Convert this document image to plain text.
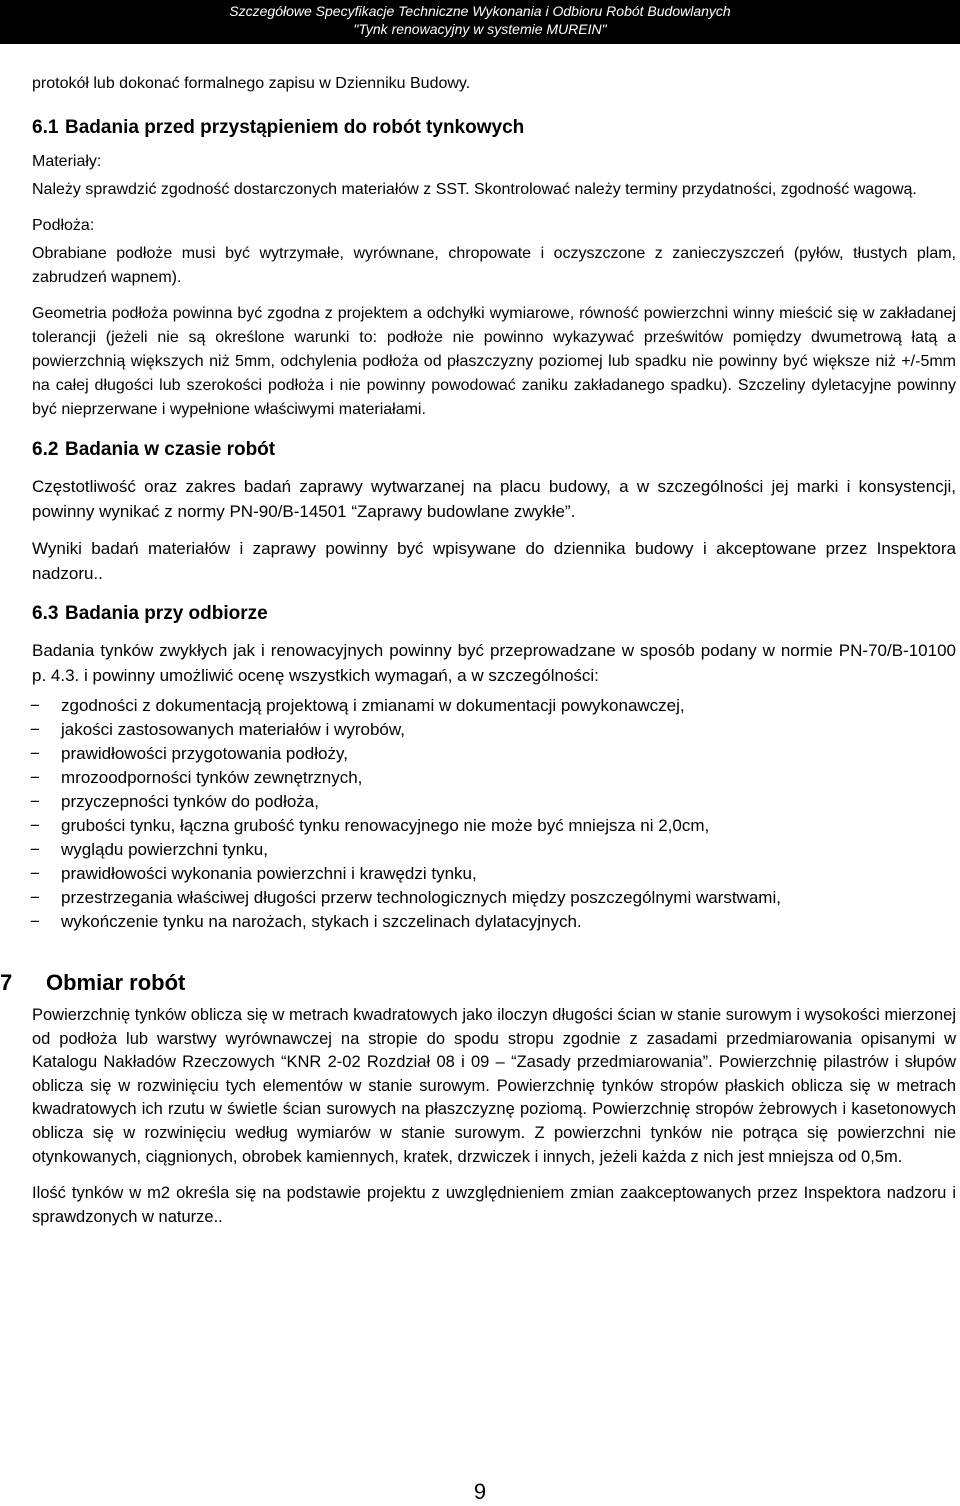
Szczegółowe Specyfikacje Techniczne Wykonania i Odbioru Robót Budowlanych
"Tynk renowacyjny w systemie MUREIN"

protokół lub dokonać formalnego zapisu w Dzienniku Budowy.

6.1 Badania przed przystąpieniem do robót tynkowych

Materiały:

Należy sprawdzić zgodność dostarczonych materiałów z SST. Skontrolować należy terminy przydatności, zgodność wagową.

Podłoża:

Obrabiane podłoże musi być wytrzymałe, wyrównane, chropowate i oczyszczone z zanieczyszczeń (pyłów, tłustych plam, zabrudzeń wapnem).

Geometria podłoża powinna być zgodna z projektem a odchyłki wymiarowe, równość powierzchni winny mieścić się w zakładanej tolerancji (jeżeli nie są określone warunki to: podłoże nie powinno wykazywać prześwitów pomiędzy dwumetrową łatą a powierzchnią większych niż 5mm, odchylenia podłoża od płaszczyzny poziomej lub spadku nie powinny być większe niż +/-5mm na całej długości lub szerokości podłoża i nie powinny powodować zaniku zakładanego spadku). Szczeliny dyletacyjne powinny być nieprzerwane i wypełnione właściwymi materiałami.

6.2 Badania w czasie robót

Częstotliwość oraz zakres badań zaprawy wytwarzanej na placu budowy, a w szczególności jej marki i konsystencji, powinny wynikać z normy PN-90/B-14501 “Zaprawy budowlane zwykłe”.

Wyniki badań materiałów i zaprawy powinny być wpisywane do dziennika budowy i akceptowane przez Inspektora nadzoru..

6.3 Badania przy odbiorze

Badania tynków zwykłych jak i renowacyjnych powinny być przeprowadzane w sposób podany w normie PN-70/B-10100 p. 4.3. i powinny umożliwić ocenę wszystkich wymagań, a w szczególności:

− zgodności z dokumentacją projektową i zmianami w dokumentacji powykonawczej,
− jakości zastosowanych materiałów i wyrobów,
− prawidłowości przygotowania podłoży,
− mrozoodporności tynków zewnętrznych,
− przyczepności tynków do podłoża,
− grubości tynku, łączna grubość tynku renowacyjnego nie może być mniejsza ni 2,0cm,
− wyglądu powierzchni tynku,
− prawidłowości wykonania powierzchni i krawędzi tynku,
− przestrzegania właściwej długości przerw technologicznych między poszczególnymi warstwami,
− wykończenie tynku na narożach, stykach i szczelinach dylatacyjnych.
7 Obmiar robót

Powierzchnię tynków oblicza się w metrach kwadratowych jako iloczyn długości ścian w stanie surowym i wysokości mierzonej od podłoża lub warstwy wyrównawczej na stropie do spodu stropu zgodnie z zasadami przedmiarowania opisanymi w Katalogu Nakładów Rzeczowych “KNR 2-02 Rozdział 08 i 09 – “Zasady przedmiarowania”. Powierzchnię pilastrów i słupów oblicza się w rozwinięciu tych elementów w stanie surowym. Powierzchnię tynków stropów płaskich oblicza się w metrach kwadratowych ich rzutu w świetle ścian surowych na płaszczyznę poziomą. Powierzchnię stropów żebrowych i kasetonowych oblicza się w rozwinięciu według wymiarów w stanie surowym. Z powierzchni tynków nie potrąca się powierzchni nie otynkowanych, ciągnionych, obrobek kamiennych, kratek, drzwiczek i innych, jeżeli każda z nich jest mniejsza od 0,5m.

Ilość tynków w m2 określa się na podstawie projektu z uwzględnieniem zmian zaakceptowanych przez Inspektora nadzoru i sprawdzonych w naturze..

9
